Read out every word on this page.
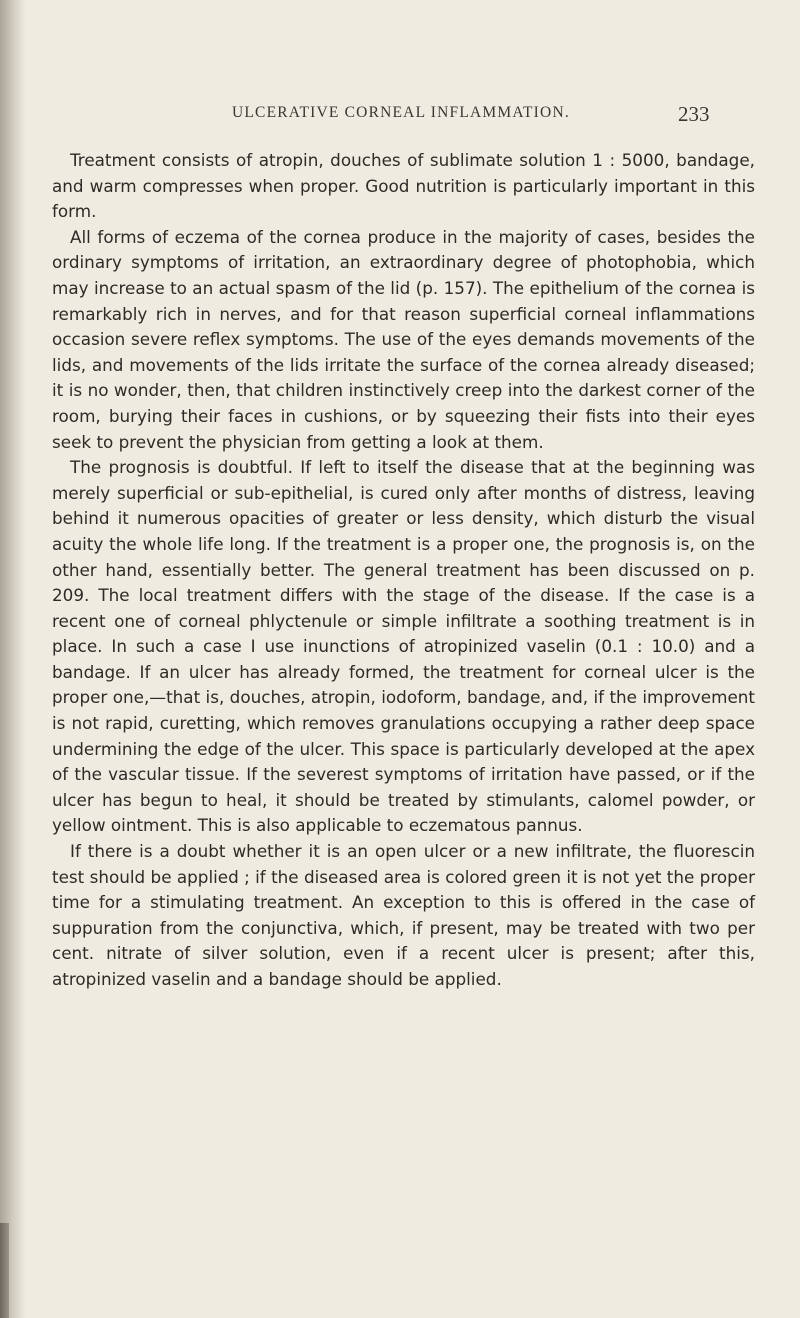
ULCERATIVE CORNEAL INFLAMMATION.	233

Treatment consists of atropin, douches of sublimate solution 1 : 5000, bandage, and warm compresses when proper. Good nutrition is particularly important in this form.

All forms of eczema of the cornea produce in the majority of cases, besides the ordinary symptoms of irritation, an extraordinary degree of photophobia, which may increase to an actual spasm of the lid (p. 157). The epithelium of the cornea is remarkably rich in nerves, and for that reason superficial corneal inflammations occasion severe reflex symptoms. The use of the eyes demands movements of the lids, and movements of the lids irritate the surface of the cornea already diseased; it is no wonder, then, that children instinctively creep into the darkest corner of the room, burying their faces in cushions, or by squeezing their fists into their eyes seek to prevent the physician from getting a look at them.

The prognosis is doubtful. If left to itself the disease that at the beginning was merely superficial or sub-epithelial, is cured only after months of distress, leaving behind it numerous opacities of greater or less density, which disturb the visual acuity the whole life long. If the treatment is a proper one, the prognosis is, on the other hand, essentially better. The general treatment has been discussed on p. 209. The local treatment differs with the stage of the disease. If the case is a recent one of corneal phlyctenule or simple infiltrate a soothing treatment is in place. In such a case I use inunctions of atropinized vaselin (0.1 : 10.0) and a bandage. If an ulcer has already formed, the treatment for corneal ulcer is the proper one,—that is, douches, atropin, iodoform, bandage, and, if the improvement is not rapid, curetting, which removes granulations occupying a rather deep space undermining the edge of the ulcer. This space is particularly developed at the apex of the vascular tissue. If the severest symptoms of irritation have passed, or if the ulcer has begun to heal, it should be treated by stimulants, calomel powder, or yellow ointment. This is also applicable to eczematous pannus.

If there is a doubt whether it is an open ulcer or a new infiltrate, the fluorescin test should be applied ; if the diseased area is colored green it is not yet the proper time for a stimulating treatment. An exception to this is offered in the case of suppuration from the conjunctiva, which, if present, may be treated with two per cent. nitrate of silver solution, even if a recent ulcer is present; after this, atropinized vaselin and a bandage should be applied.
